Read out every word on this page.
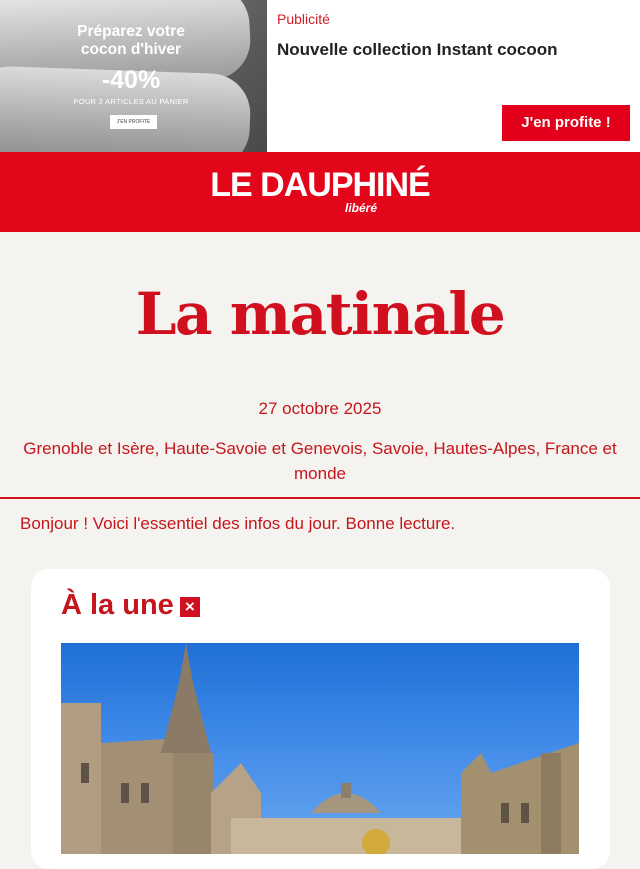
Préparez votre
cocon d'hiver
-40%
POUR 2 ARTICLES AU PANIER
J'EN PROFITE
Publicité
Nouvelle collection Instant cocoon
J'en profite !
LE DAUPHINÉ
libéré
La matinale
27 octobre 2025
Grenoble et Isère, Haute-Savoie et Genevois, Savoie, Hautes-Alpes, France et monde
Bonjour ! Voici l'essentiel des infos du jour. Bonne lecture.
À la une ×
